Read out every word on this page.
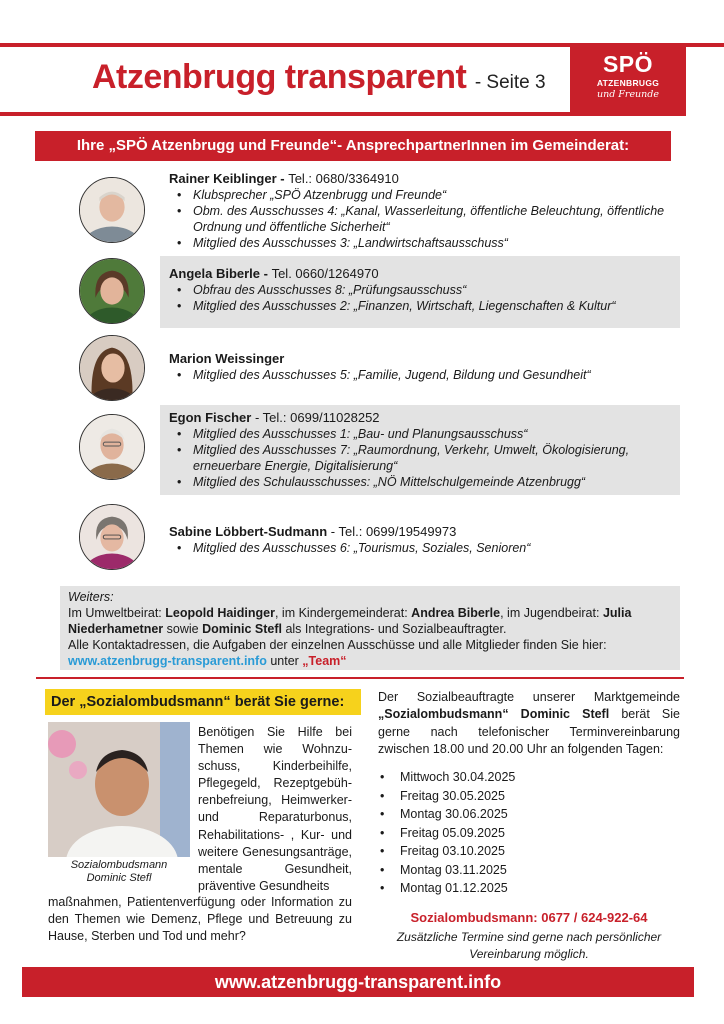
Atzenbrugg transparent - Seite 3
SPÖ
ATZENBRUGG
und Freunde
Ihre „SPÖ Atzenbrugg und Freunde“- AnsprechpartnerInnen im Gemeinderat:
Rainer Keiblinger - Tel.: 0680/3364910
• Klubsprecher „SPÖ Atzenbrugg und Freunde“
• Obm. des Ausschusses 4: „Kanal, Wasserleitung, öffentliche Beleuchtung, öffentliche Ordnung und öffentliche Sicherheit“
• Mitglied des Ausschusses 3: „Landwirtschaftsausschuss“
Angela Biberle - Tel. 0660/1264970
• Obfrau des Ausschusses 8: „Prüfungsausschuss“
• Mitglied des Ausschusses 2: „Finanzen, Wirtschaft, Liegenschaften & Kultur“
Marion Weissinger
• Mitglied des Ausschusses 5: „Familie, Jugend, Bildung und Gesundheit“
Egon Fischer - Tel.: 0699/11028252
• Mitglied des Ausschusses 1: „Bau- und Planungsausschuss“
• Mitglied des Ausschusses 7: „Raumordnung, Verkehr, Umwelt, Ökologisierung, erneuerbare Energie, Digitalisierung“
• Mitglied des Schulausschusses: „NÖ Mittelschulgemeinde Atzenbrugg“
Sabine Löbbert-Sudmann - Tel.: 0699/19549973
• Mitglied des Ausschusses 6: „Tourismus, Soziales, Senioren“
Weiters:
Im Umweltbeirat: Leopold Haidinger, im Kindergemeinderat: Andrea Biberle, im Jugendbeirat: Julia Niederhametner sowie Dominic Stefl als Integrations- und Sozialbeauftragter.
Alle Kontaktadressen, die Aufgaben der einzelnen Ausschüsse und alle Mitglieder finden Sie hier:
www.atzenbrugg-transparent.info unter „Team“
Der „Sozialombudsmann“ berät Sie gerne:
Sozialombudsmann
Dominic Stefl
Benötigen Sie Hilfe bei Themen wie Wohnzuschuss, Kinderbeihilfe, Pflegegeld, Rezeptgebührenbefreiung, Heimwerker- und Reparaturbonus, Rehabilitations- , Kur- und weitere Genesungsanträge, mentale Gesundheit, präventive Gesundheits
maßnahmen, Patientenverfügung oder Information zu den Themen wie Demenz, Pflege und Betreuung zu Hause, Sterben und Tod und mehr?
Der Sozialbeauftragte unserer Marktgemeinde „Sozialombudsmann“ Dominic Stefl berät Sie gerne nach telefonischer Terminvereinbarung zwischen 18.00 und 20.00 Uhr an folgenden Tagen:
• Mittwoch 30.04.2025
• Freitag 30.05.2025
• Montag 30.06.2025
• Freitag 05.09.2025
• Freitag 03.10.2025
• Montag 03.11.2025
• Montag 01.12.2025
Sozialombudsmann: 0677 / 624-922-64
Zusätzliche Termine sind gerne nach persönlicher Vereinbarung möglich.
www.atzenbrugg-transparent.info
